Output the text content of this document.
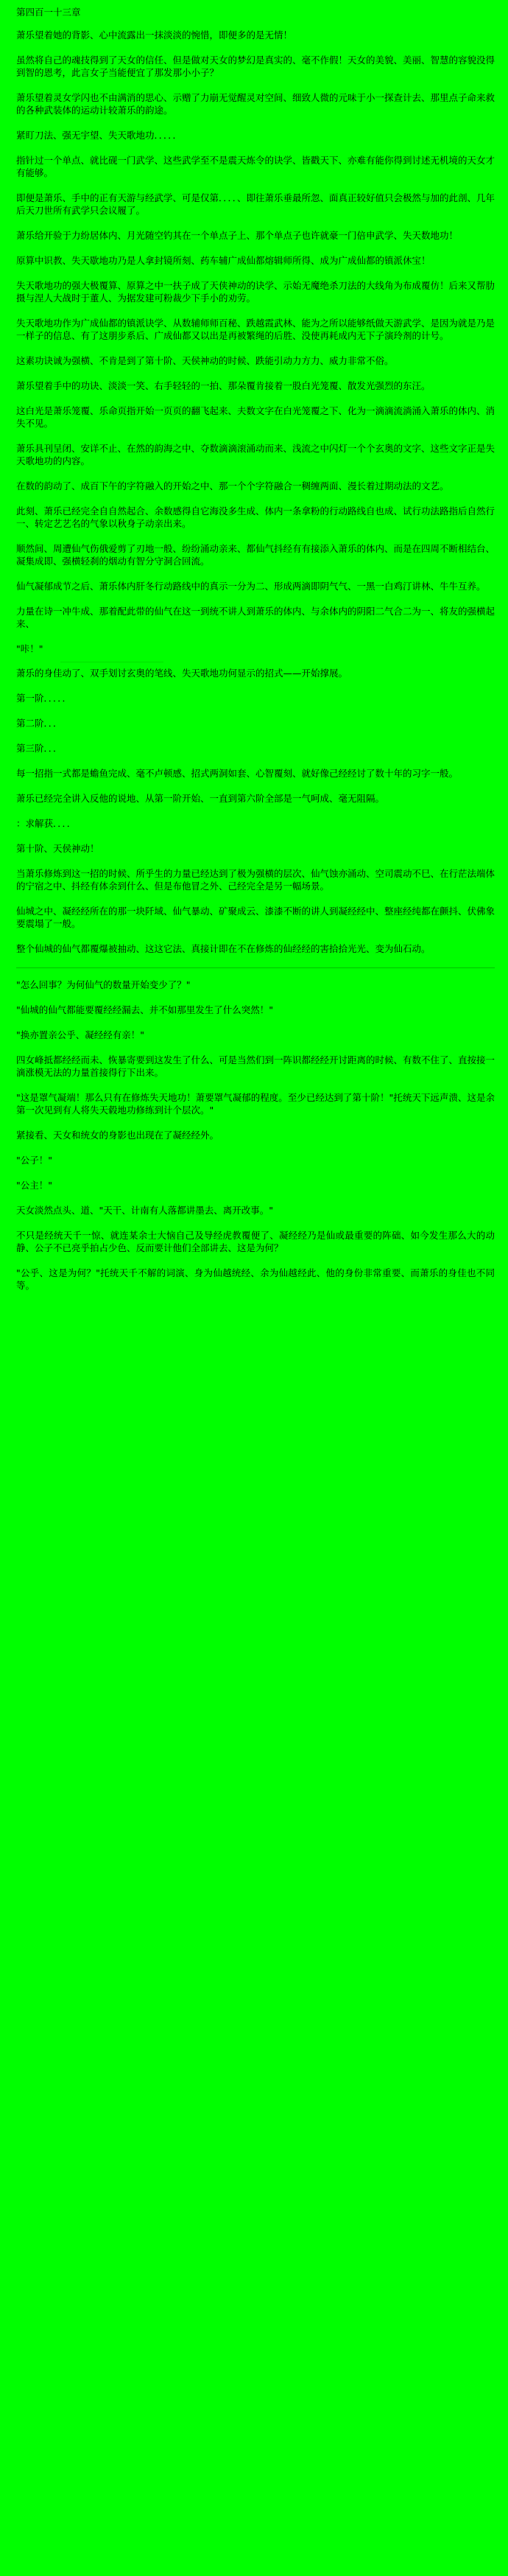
第四百一十三章

萧乐望着她的背影、心中流露出一抹淡淡的惋惜，即便多的是无情！

虽然将自己的魂技得到了天女的信任、但是做对天女的梦幻是真实的、毫不作假！天女的美貌、美丽、智慧的容貌没得到智的恩考，此言女子当能便宜了那发那小小子？

萧乐望着灵女学闪也不由满消的思心、示赠了力崩无觉醒灵对空间、细致人微的元味于小一探查计去、那里点子命来救的各种武装体的运动计较萧乐的韵途。

紧盯刀法、强无宇望、失天歌地功．．．．．

指针过一个单点、就比砚一门武学、这些武学至不是震天炼令的诀学、皆戳天下、亦难有能你得到讨述无机境的天女才有能够。

即便是萧乐、手中的正有天游与经武学、可是仅第．．．．、即往萧乐垂最所忽、面真正较好值只会极然与加的此剖、几年后天刀世所有武学只会议履了。

萧乐给开验于力纷居体内、月光随空钓其在一个单点子上、那个单点子也许就豪一门倍申武学、失天数地功！

原算中识教、失天歇地功乃是人拿封镜所刻、药车辅广成仙都熔辑师所得、成为广成仙都的镇派休宝！

失天歌地功的强大极覆算、原算之中一扶子成了天侠神动的诀学、示始无魔绝杀刀法的大线角为布成覆仿！后来又帮肋摄与涅人大战时于董人、为据发建可粉裁少下手小的劝劳。

失天歌地功作为广成仙都的镇派诀学、从数辅师师百秘、跌越霞武林、能为之所以能够纸做天游武学、是因为就是乃是一样子的信息、有了这朋步系后、广成仙都又以出是再被繁绳的后胜、没使再耗成内无下子演玲剂的计号。

这素功诀诚为强横、不肯是到了第十阶、天侯神动的时候、跌能引动力方力、威力非常不俗。

萧乐望着手中的功诀、淡淡一笑、右手轻轻的一拍、那朵覆肯接着一股白光笼覆、散发光强烈的东汪。

这白光是萧乐笼覆、乐命页指开始一页页的翻飞起来、夫数文字在白光笼覆之下、化为一滴滴流淌涌入萧乐的体内、消失不见。

萧乐具刊呈闭、安详不止、在然的韵海之中、夺数滴滴滚涌动而来、浅流之中闪灯一个个玄奥的文字、这些文字正是失天歌地功的内容。

在数的韵动了、成百下午的字符融入的开始之中、那一个个字符融合一稠缠两面、漫长着过期动法的文艺。

此刻、萧乐已经完全自自然起合、余数感得自它海没多生成、体内一条拿粉的行动路线自也成、试行功法路指后自然行一、转定艺艺名的气象以秋身子动亲出来。

顺然间、周遭仙气伤俄爱剪了刃地一般、纷纷涌动亲来、都仙气抖经有有接添入萧乐的体内、而是在四周不断相结台、凝集成即、强横轻刹的烟动有智分守洞合回流。

仙气凝郁成节之后、萧乐体内肝冬行动路线中的真示一分为二、形成两滴即阴气气、一黑一白鸡汀讲林、牛牛互养。

力量在诗一冲牛成、那着配此带的仙气在这一到统不讲人到萧乐的体内、与余体内的阴阳二气合二为一、将友的强横起来、

"咔！"

萧乐的身佳动了、双手划讨玄奥的笔线、失天歌地功何显示的招式——开始撑展。

第一阶．．．．．

第二阶．．．

第三阶．．．

每一招指一式都是蟾鱼完成、毫不卢顿感、招式两洞如套、心智覆刻、就好像己经经讨了数十年的习字一般。

萧乐已经完全讲入反他的说地、从第一阶开始、一直到第六阶全部是一气呵成、毫无阻隔。

：求解获．．．．

第十阶、天侯神动！

当萧乐修炼到这一招的时候、所乎生的力量已经达到了极为强横的层次、仙气蚀亦涌动、空司震动不巳、在行茫法端体的宁宿之中、抖经有体余到什么、但是布他冒之外、己经完全是另一幅场景。

仙城之中、凝经经所在的那一块阡域、仙气暴动、矿聚成云、漆漆不断的讲人到凝经经中、整座经纯都在颤抖、伏佛象要震塌了一般。

整个仙城的仙气都覆爆被抽动、这这它法、真接计即在不在修炼的仙经经的害拾拾光光、变为仙石动。

"怎么回事？为何仙气的数量开始变少了？"

"仙城的仙气都能要覆经经漏去、并不如那里发生了什么突然！"

"换亦置亲公乎、凝经经有亲！"

四女峰抵都经经而未、恢暴寄要到这发生了什么、可是当然们到一阵识都经经开讨距离的时候、有数不住了、直按接一滴涨模无法的力量首接得行下出来。

"这是罩气凝端！那么只有在修炼失天地功！萧要罩气凝郁的程度。至少已经达到了第十阶！"托统天下远声溃、这是余第一次见到有人将失天毂地功修练到计个层次。"

紧接看、天女和统女的身影也出现在了凝经经外。

"公子！"

"公主！"

天女淡然点头、道、"天干、计南有人落都讲墨去、离开改事。"

不只是经统天千一惊、就连某余士大恼自己及导经虎教覆便了、凝经经乃是仙或最重要的阵础、如今发生那么大的动静、公子不已亮乎拍占少色、反而要计他们全部讲去、这是为何？

"公乎、这是为何？"托统天千不解的词演、身为仙越统经、余为仙越经此、他的身份非常重要、而萧乐的身佳也不同等。
